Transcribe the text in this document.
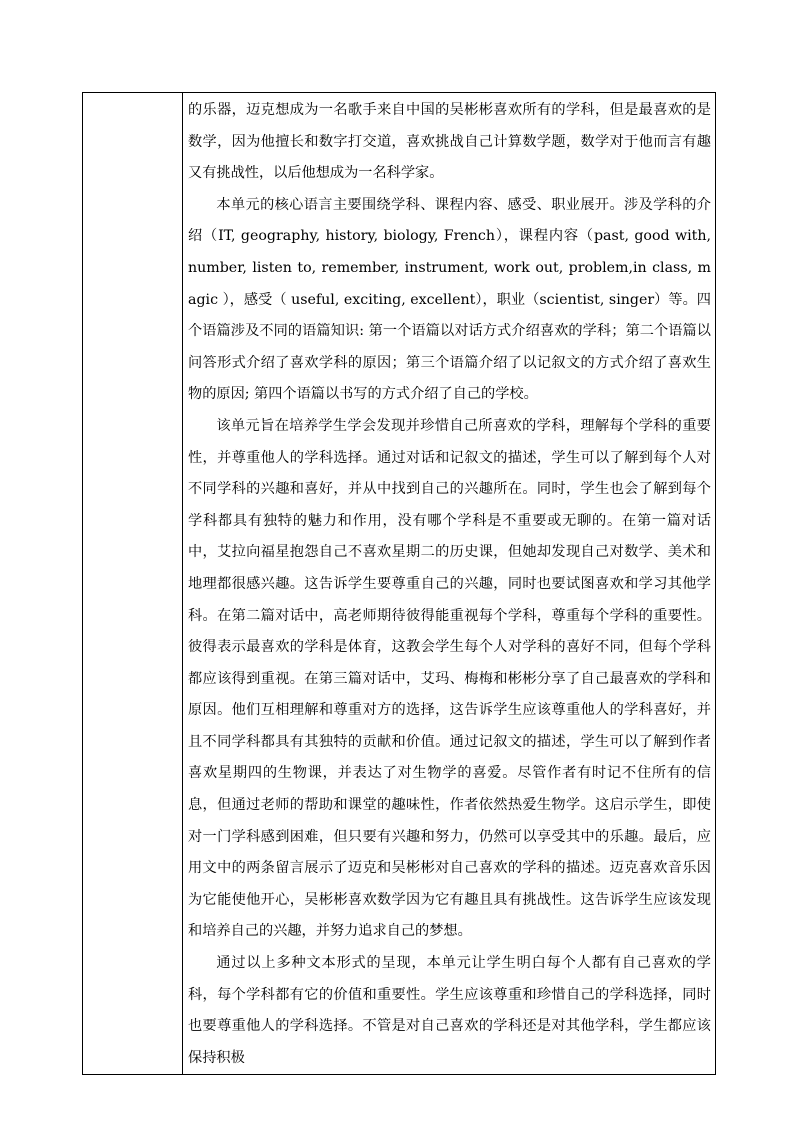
的乐器，迈克想成为一名歌手来自中国的吴彬彬喜欢所有的学科，但是最喜欢的是数学，因为他擅长和数字打交道，喜欢挑战自己计算数学题，数学对于他而言有趣又有挑战性，以后他想成为一名科学家。

本单元的核心语言主要围绕学科、课程内容、感受、职业展开。涉及学科的介绍（IT, geography, history, biology, French），课程内容（past, good with, number, listen to, remember, instrument, work out, problem,in class, magic ），感受（ useful, exciting, excellent），职业（scientist, singer）等。四个语篇涉及不同的语篇知识: 第一个语篇以对话方式介绍喜欢的学科；第二个语篇以问答形式介绍了喜欢学科的原因；第三个语篇介绍了以记叙文的方式介绍了喜欢生物的原因; 第四个语篇以书写的方式介绍了自己的学校。

该单元旨在培养学生学会发现并珍惜自己所喜欢的学科，理解每个学科的重要性，并尊重他人的学科选择。通过对话和记叙文的描述，学生可以了解到每个人对不同学科的兴趣和喜好，并从中找到自己的兴趣所在。同时，学生也会了解到每个学科都具有独特的魅力和作用，没有哪个学科是不重要或无聊的。在第一篇对话中，艾拉向福星抱怨自己不喜欢星期二的历史课，但她却发现自己对数学、美术和地理都很感兴趣。这告诉学生要尊重自己的兴趣，同时也要试图喜欢和学习其他学科。在第二篇对话中，高老师期待彼得能重视每个学科，尊重每个学科的重要性。彼得表示最喜欢的学科是体育，这教会学生每个人对学科的喜好不同，但每个学科都应该得到重视。在第三篇对话中，艾玛、梅梅和彬彬分享了自己最喜欢的学科和原因。他们互相理解和尊重对方的选择，这告诉学生应该尊重他人的学科喜好，并且不同学科都具有其独特的贡献和价值。通过记叙文的描述，学生可以了解到作者喜欢星期四的生物课，并表达了对生物学的喜爱。尽管作者有时记不住所有的信息，但通过老师的帮助和课堂的趣味性，作者依然热爱生物学。这启示学生，即使对一门学科感到困难，但只要有兴趣和努力，仍然可以享受其中的乐趣。最后，应用文中的两条留言展示了迈克和吴彬彬对自己喜欢的学科的描述。迈克喜欢音乐因为它能使他开心，吴彬彬喜欢数学因为它有趣且具有挑战性。这告诉学生应该发现和培养自己的兴趣，并努力追求自己的梦想。

通过以上多种文本形式的呈现，本单元让学生明白每个人都有自己喜欢的学科，每个学科都有它的价值和重要性。学生应该尊重和珍惜自己的学科选择，同时也要尊重他人的学科选择。不管是对自己喜欢的学科还是对其他学科，学生都应该保持积极
